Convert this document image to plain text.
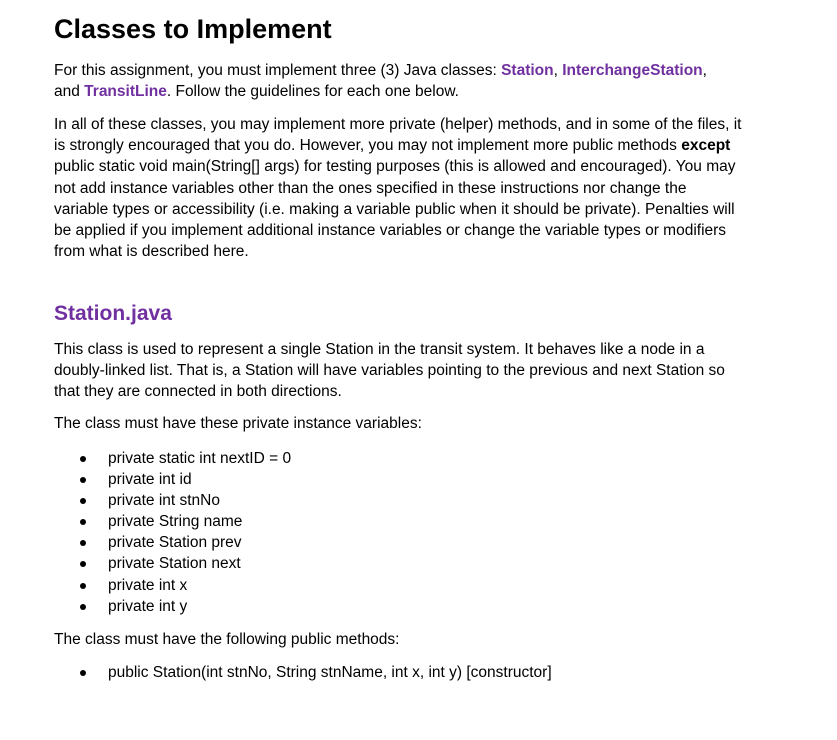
Classes to Implement

For this assignment, you must implement three (3) Java classes: Station, InterchangeStation,
and TransitLine. Follow the guidelines for each one below.

In all of these classes, you may implement more private (helper) methods, and in some of the files, it is strongly encouraged that you do. However, you may not implement more public methods except public static void main(String[] args) for testing purposes (this is allowed and encouraged). You may not add instance variables other than the ones specified in these instructions nor change the variable types or accessibility (i.e. making a variable public when it should be private). Penalties will be applied if you implement additional instance variables or change the variable types or modifiers from what is described here.

Station.java

This class is used to represent a single Station in the transit system. It behaves like a node in a doubly-linked list. That is, a Station will have variables pointing to the previous and next Station so that they are connected in both directions.

The class must have these private instance variables:

private static int nextID = 0
private int id
private int stnNo
private String name
private Station prev
private Station next
private int x
private int y

The class must have the following public methods:

public Station(int stnNo, String stnName, int x, int y) [constructor]
